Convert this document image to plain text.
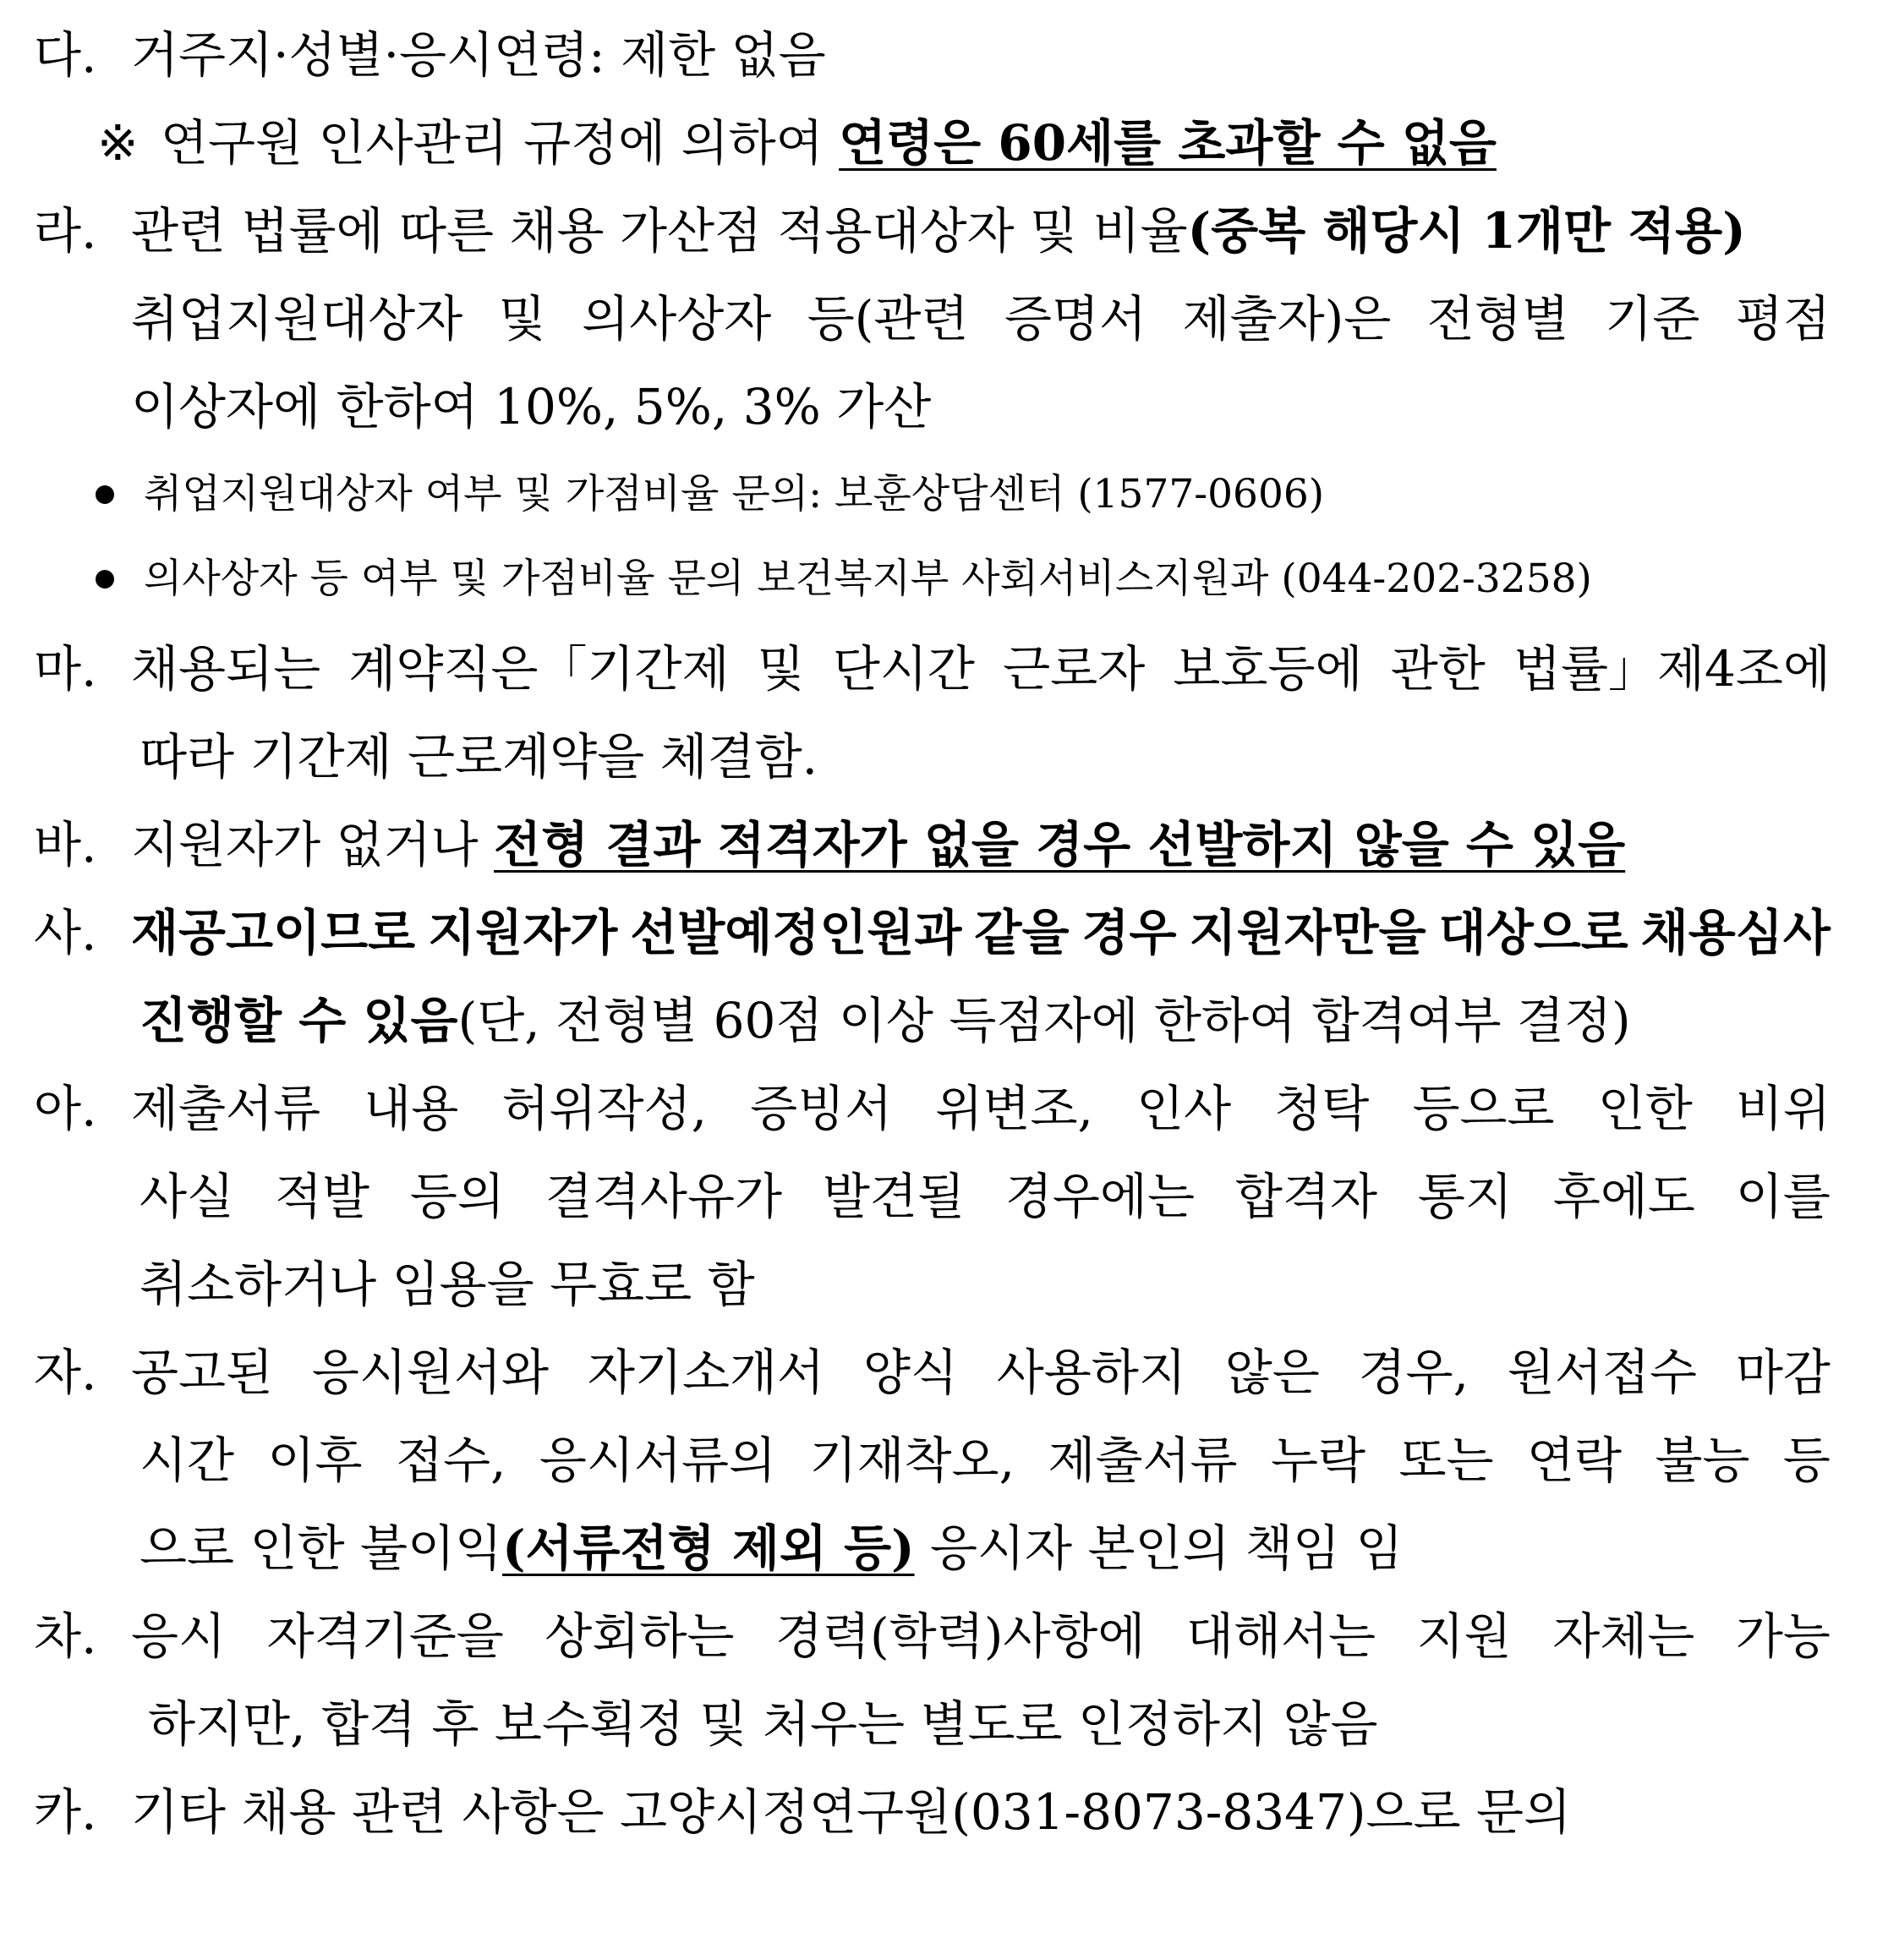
다.

거주지·성별·응시연령: 제한 없음

※

연구원 인사관리 규정에 의하여 연령은 60세를 초과할 수 없음

라.

관련 법률에 따른 채용 가산점 적용대상자 및 비율(중복 해당시 1개만 적용)

취업지원대상자 및 의사상자 등(관련 증명서 제출자)은 전형별 기준 평점

이상자에 한하여 10%, 5%, 3% 가산

취업지원대상자 여부 및 가점비율 문의: 보훈상담센터 (1577-0606)

의사상자 등 여부 및 가점비율 문의 보건복지부 사회서비스지원과 (044-202-3258)

마.

채용되는 계약직은「기간제 및 단시간 근로자 보호등에 관한 법률」제4조에

따라 기간제 근로계약을 체결함.

바.

지원자가 없거나 전형 결과 적격자가 없을 경우 선발하지 않을 수 있음

사.

재공고이므로 지원자가 선발예정인원과 같을 경우 지원자만을 대상으로 채용심사

진행할 수 있음(단, 전형별 60점 이상 득점자에 한하여 합격여부 결정)

아.

제출서류 내용 허위작성, 증빙서 위변조, 인사 청탁 등으로 인한 비위

사실 적발 등의 결격사유가 발견될 경우에는 합격자 통지 후에도 이를

취소하거나 임용을 무효로 함

자.

공고된 응시원서와 자기소개서 양식 사용하지 않은 경우, 원서접수 마감

시간 이후 접수, 응시서류의 기재착오, 제출서류 누락 또는 연락 불능 등

으로 인한 불이익(서류전형 제외 등) 응시자 본인의 책임 임

차.

응시 자격기준을 상회하는 경력(학력)사항에 대해서는 지원 자체는 가능

하지만, 합격 후 보수획정 및 처우는 별도로 인정하지 않음

카.

기타 채용 관련 사항은 고양시정연구원(031-8073-8347)으로 문의
